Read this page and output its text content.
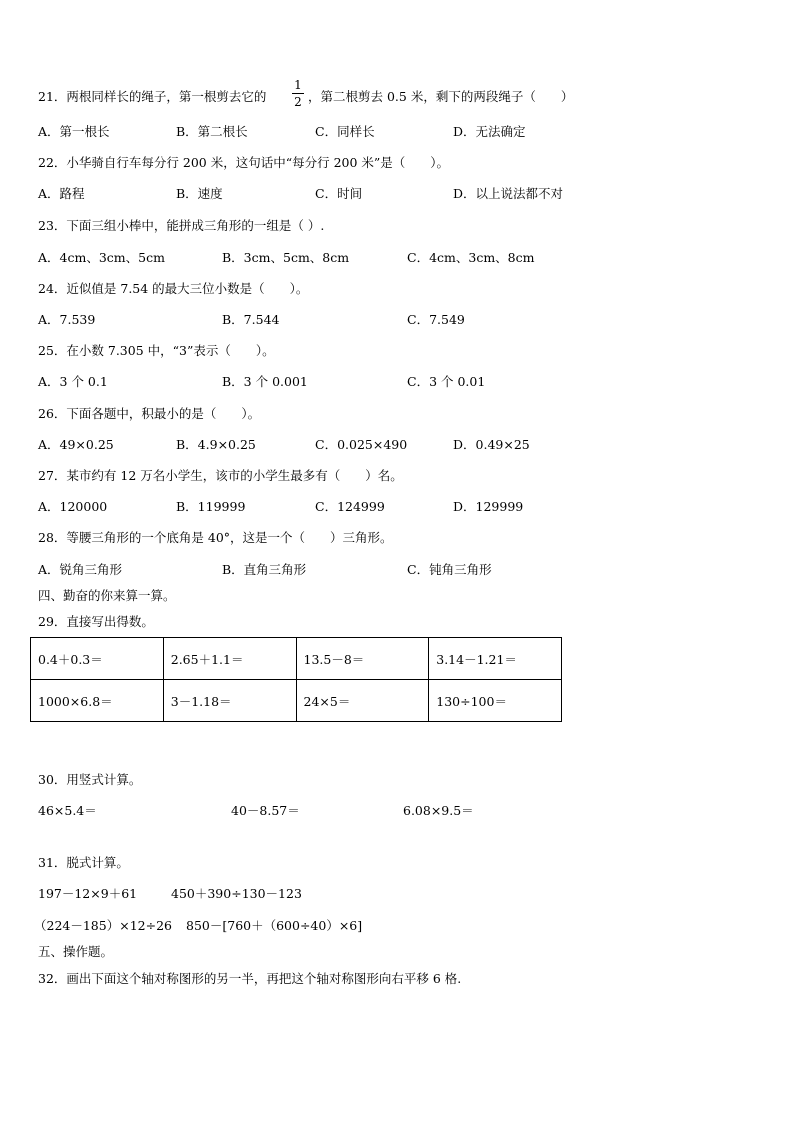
21．两根同样长的绳子，第一根剪去它的
1
2 ，第二根剪去 0.5 米，剩下的两段绳子（　　）
A．第一根长	B．第二根长	C．同样长	D．无法确定
22．小华骑自行车每分行 200 米，这句话中“每分行 200 米”是（　　）。
A．路程	B．速度	C．时间	D．以上说法都不对
23．下面三组小棒中，能拼成三角形的一组是（ ）.
A．4cm、3cm、5cm	B．3cm、5cm、8cm	C．4cm、3cm、8cm
24．近似值是 7.54 的最大三位小数是（　　）。
A．7.539	B．7.544	C．7.549
25．在小数 7.305 中，“3”表示（　　）。
A．3 个 0.1	B．3 个 0.001	C．3 个 0.01
26．下面各题中，积最小的是（　　）。
A．49×0.25	B．4.9×0.25	C．0.025×490	D．0.49×25
27．某市约有 12 万名小学生，该市的小学生最多有（　　）名。
A．120000	B．119999	C．124999	D．129999
28．等腰三角形的一个底角是 40°，这是一个（　　）三角形。
A．锐角三角形	B．直角三角形	C．钝角三角形
四、勤奋的你来算一算。
29．直接写出得数。
0.4＋0.3＝	2.65＋1.1＝	13.5－8＝	3.14－1.21＝
1000×6.8＝	3－1.18＝	24×5＝	130÷100＝
30．用竖式计算。
46×5.4＝	40－8.57＝	6.08×9.5＝
31．脱式计算。
197－12×9＋61	450＋390÷130－123
（224－185）×12÷26 850－[760＋（600÷40）×6]
五、操作题。
32．画出下面这个轴对称图形的另一半，再把这个轴对称图形向右平移 6 格.
